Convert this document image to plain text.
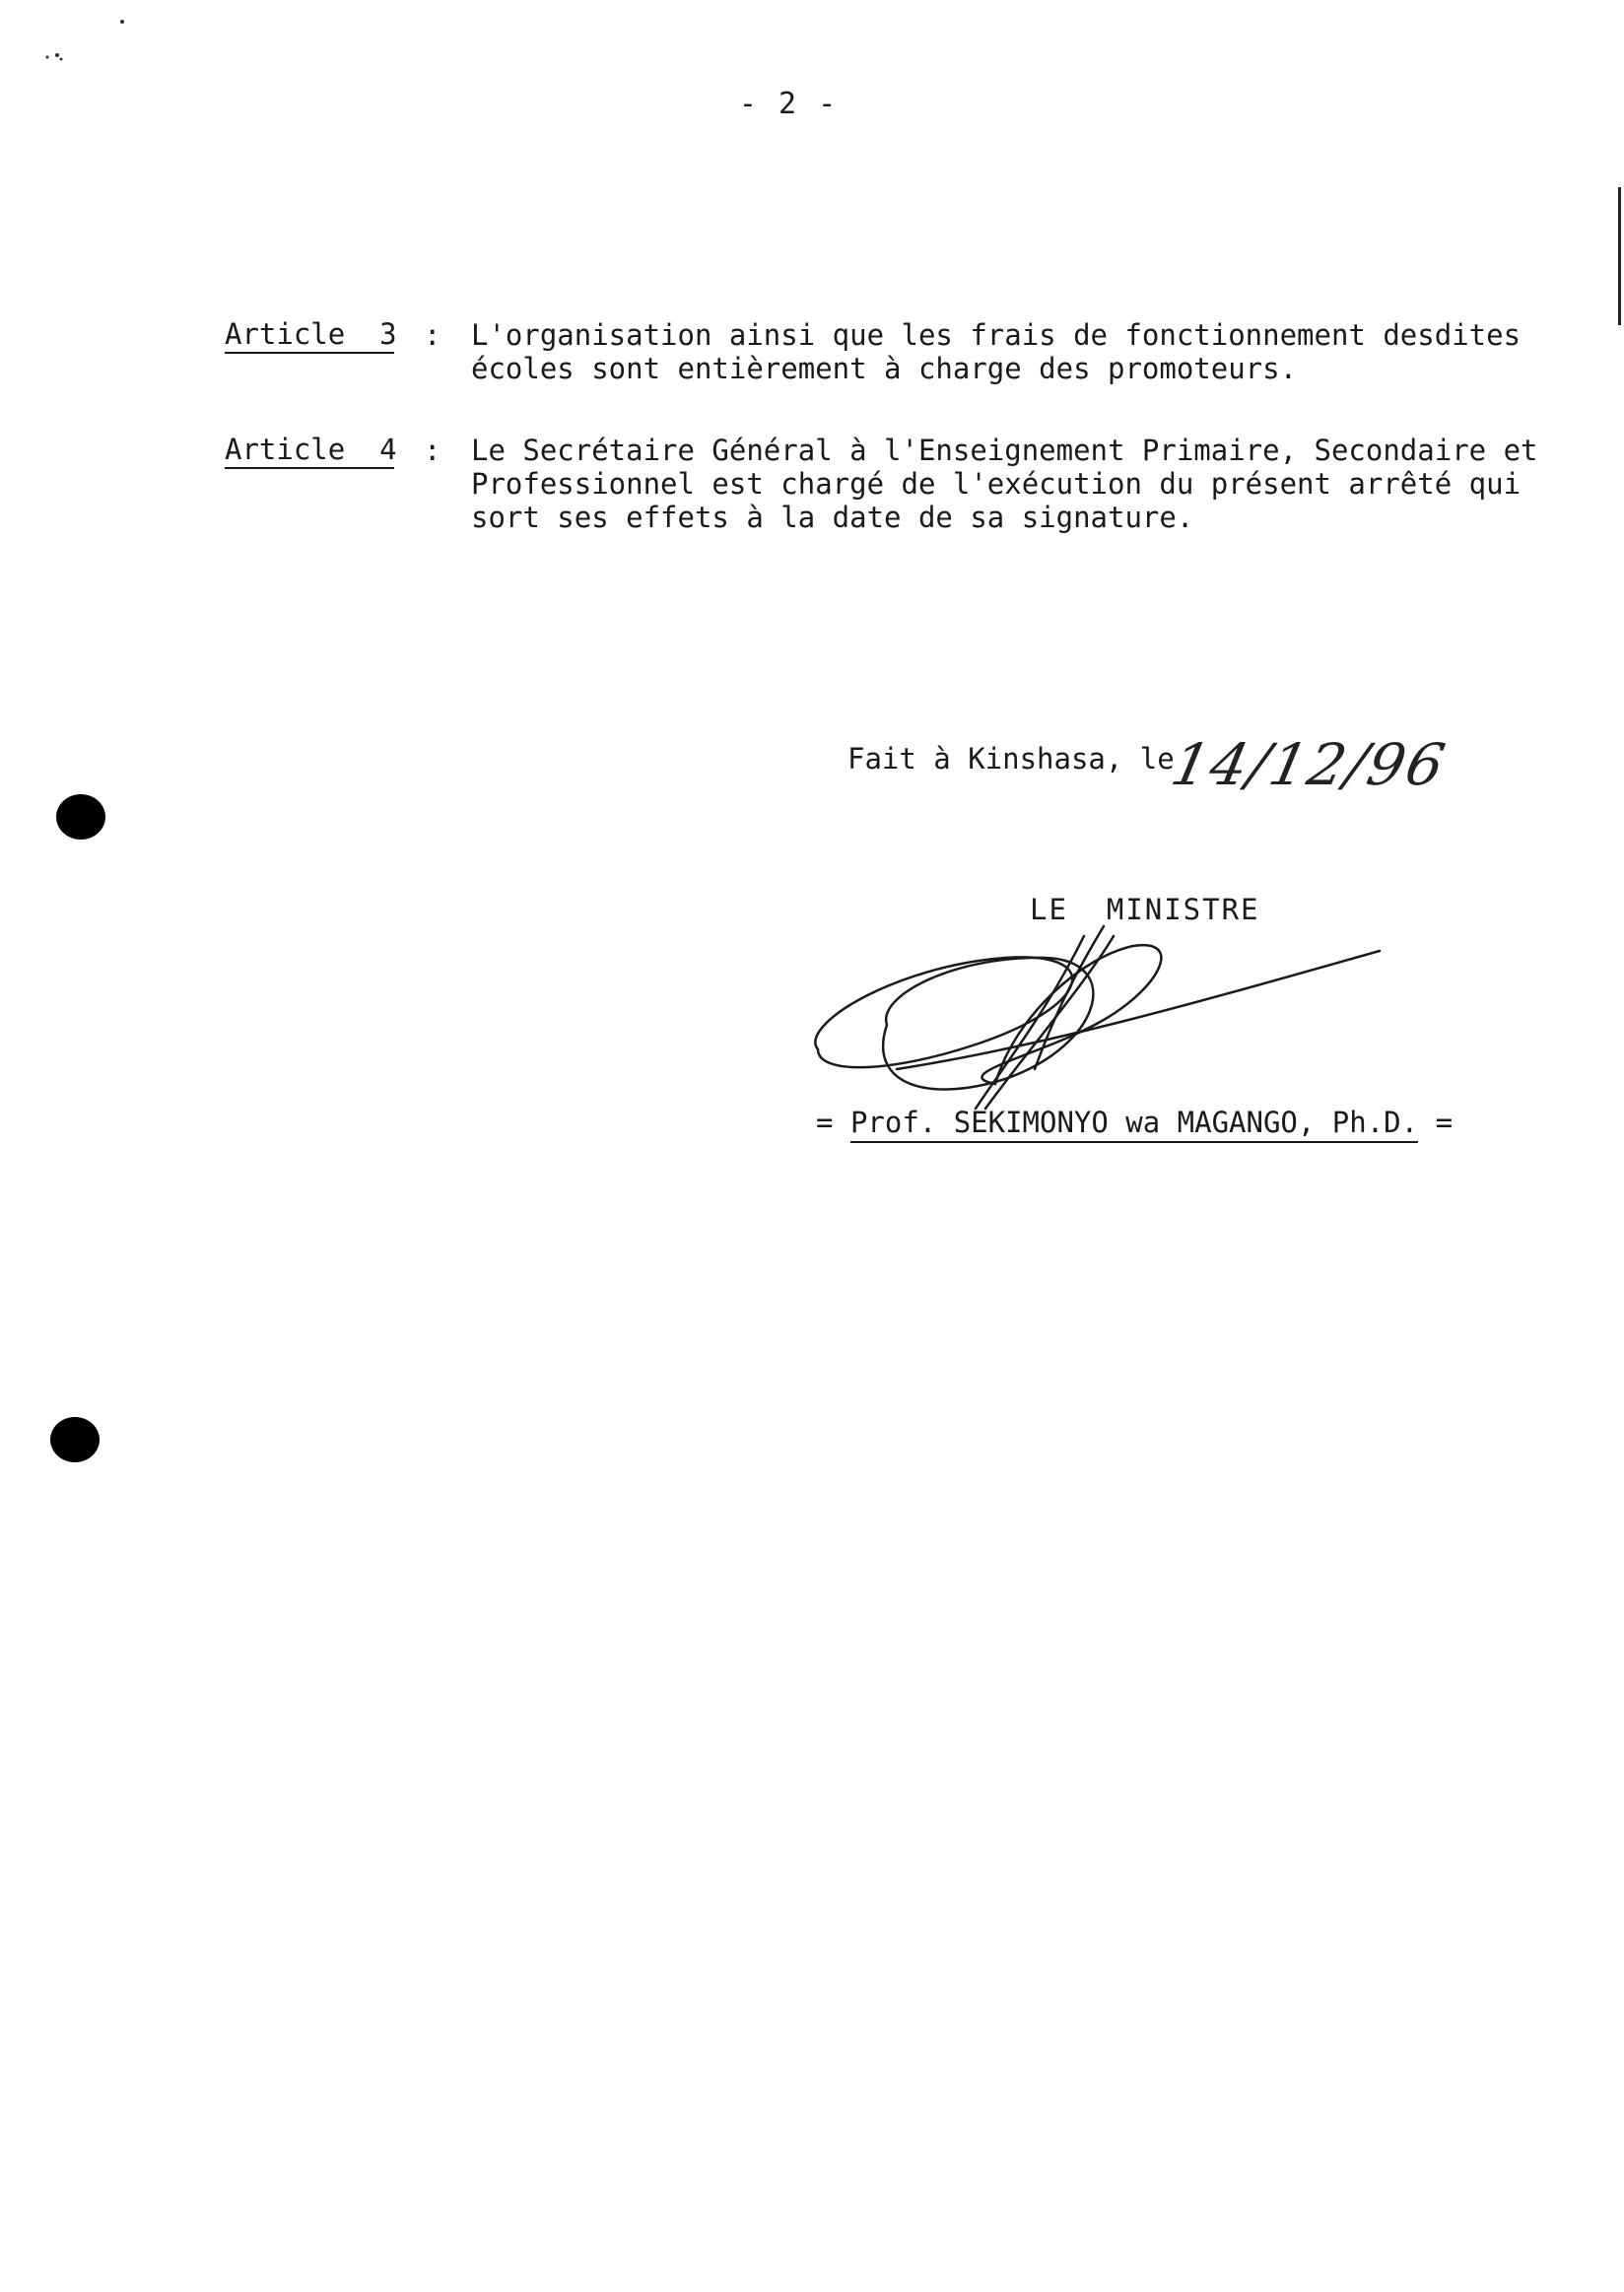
- 2 -
Article  3 : L'organisation ainsi que les frais de fonctionnement desdites
écoles sont entièrement à charge des promoteurs.
Article  4 : Le Secrétaire Général à l'Enseignement Primaire, Secondaire et
Professionnel est chargé de l'exécution du présent arrêté qui
sort ses effets à la date de sa signature.
Fait à Kinshasa, le
14/12/96
LE  MINISTRE
= Prof. SEKIMONYO wa MAGANGO, Ph.D. =
